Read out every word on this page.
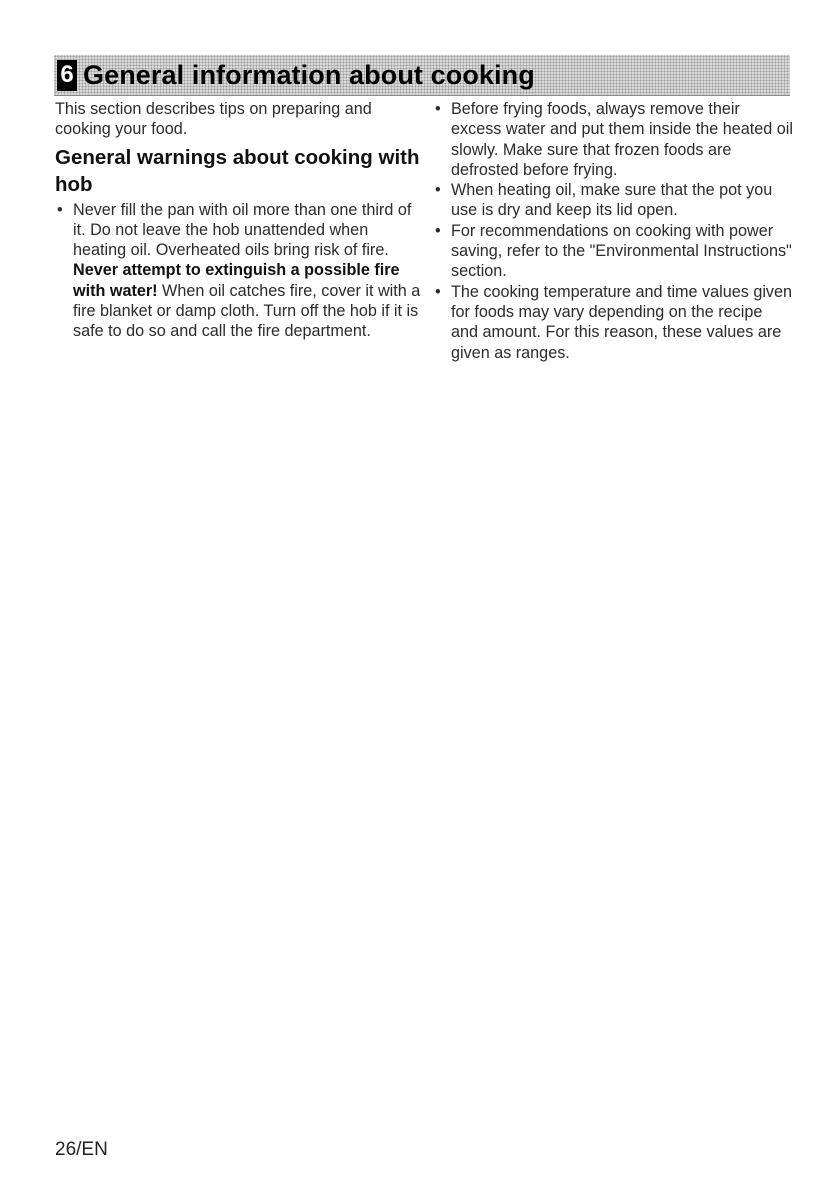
6 General information about cooking

This section describes tips on preparing and cooking your food.

General warnings about cooking with hob
• Never fill the pan with oil more than one third of it. Do not leave the hob unattended when heating oil. Overheated oils bring risk of fire. Never attempt to extinguish a possible fire with water! When oil catches fire, cover it with a fire blanket or damp cloth. Turn off the hob if it is safe to do so and call the fire department.
• Before frying foods, always remove their excess water and put them inside the heated oil slowly. Make sure that frozen foods are defrosted before frying.
• When heating oil, make sure that the pot you use is dry and keep its lid open.
• For recommendations on cooking with power saving, refer to the "Environmental Instructions" section.
• The cooking temperature and time values given for foods may vary depending on the recipe and amount. For this reason, these values are given as ranges.
26/EN
